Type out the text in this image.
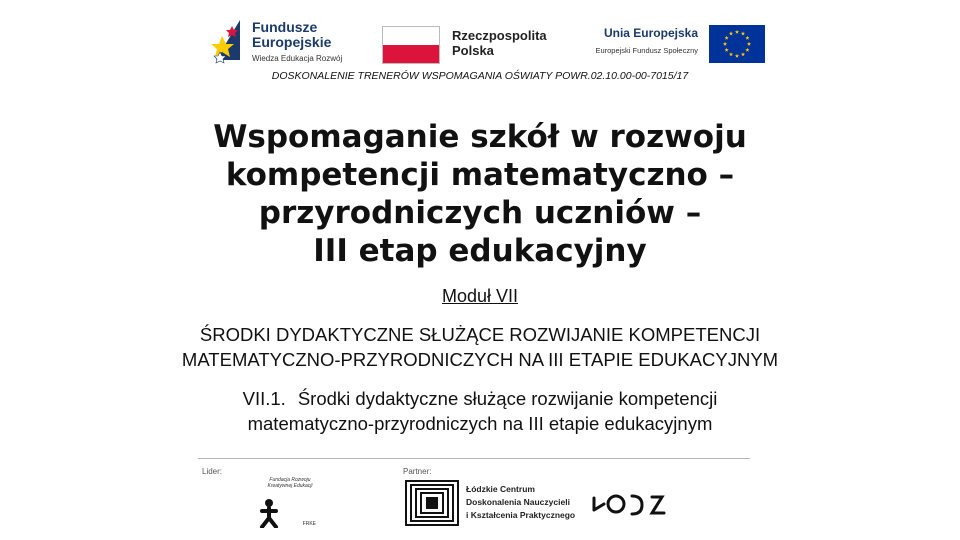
Fundusze
Europejskie
Wiedza Edukacja Rozwój
Rzeczpospolita
Polska
Unia Europejska
Europejski Fundusz Społeczny
DOSKONALENIE TRENERÓW WSPOMAGANIA OŚWIATY POWR.02.10.00-00-7015/17
Wspomaganie szkół w rozwoju
kompetencji matematyczno –
przyrodniczych uczniów –
III etap edukacyjny
Moduł VII
ŚRODKI DYDAKTYCZNE SŁUŻĄCE ROZWIJANIE KOMPETENCJI
MATEMATYCZNO-PRZYRODNICZYCH NA III ETAPIE EDUKACYJNYM
VII.1. Środki dydaktyczne służące rozwijanie kompetencji
matematyczno-przyrodniczych na III etapie edukacyjnym
Lider:	Partner:
Fundacja Rozwoju Kreatywnej Edukacji
FRKE
Łódzkie Centrum
Doskonalenia Nauczycieli
i Kształcenia Praktycznego
